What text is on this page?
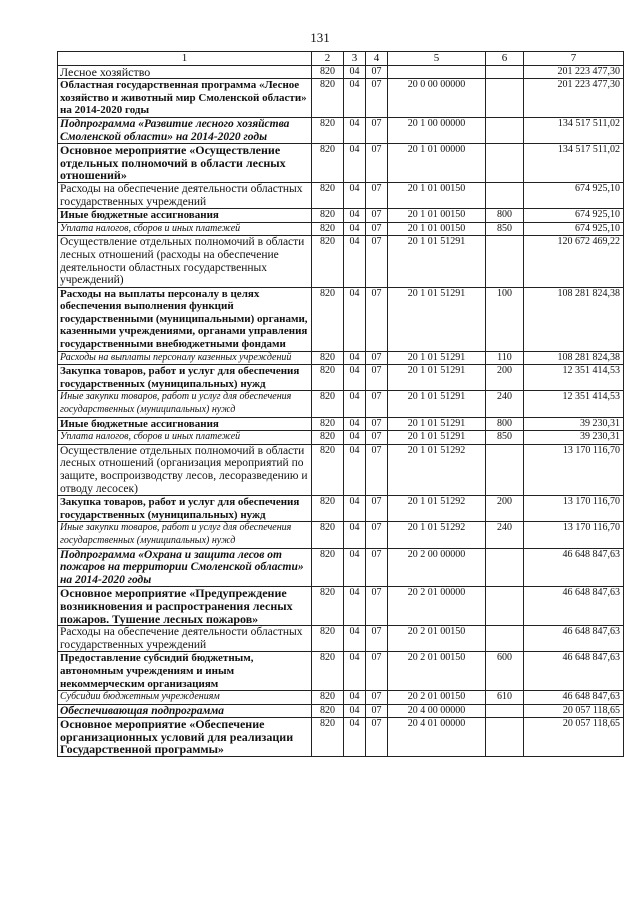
131
1	2	3	4	5	6	7
Лесное хозяйство	820	04	07			201 223 477,30
Областная государственная программа «Лесное хозяйство и животный мир Смоленской области» на 2014-2020 годы	820	04	07	20 0 00 00000		201 223 477,30
Подпрограмма «Развитие лесного хозяйства Смоленской области» на 2014-2020 годы	820	04	07	20 1 00 00000		134 517 511,02
Основное мероприятие «Осуществление отдельных полномочий в области лесных отношений»	820	04	07	20 1 01 00000		134 517 511,02
Расходы на обеспечение деятельности областных государственных учреждений	820	04	07	20 1 01 00150		674 925,10
Иные бюджетные ассигнования	820	04	07	20 1 01 00150	800	674 925,10
Уплата налогов, сборов и иных платежей	820	04	07	20 1 01 00150	850	674 925,10
Осуществление отдельных полномочий в области лесных отношений (расходы на обеспечение деятельности областных государственных учреждений)	820	04	07	20 1 01 51291		120 672 469,22
Расходы на выплаты персоналу в целях обеспечения выполнения функций государственными (муниципальными) органами, казенными учреждениями, органами управления государственными внебюджетными фондами	820	04	07	20 1 01 51291	100	108 281 824,38
Расходы на выплаты персоналу казенных учреждений	820	04	07	20 1 01 51291	110	108 281 824,38
Закупка товаров, работ и услуг для обеспечения государственных (муниципальных) нужд	820	04	07	20 1 01 51291	200	12 351 414,53
Иные закупки товаров, работ и услуг для обеспечения государственных (муниципальных) нужд	820	04	07	20 1 01 51291	240	12 351 414,53
Иные бюджетные ассигнования	820	04	07	20 1 01 51291	800	39 230,31
Уплата налогов, сборов и иных платежей	820	04	07	20 1 01 51291	850	39 230,31
Осуществление отдельных полномочий в области лесных отношений (организация мероприятий по защите, воспроизводству лесов, лесоразведению и отводу лесосек)	820	04	07	20 1 01 51292		13 170 116,70
Закупка товаров, работ и услуг для обеспечения государственных (муниципальных) нужд	820	04	07	20 1 01 51292	200	13 170 116,70
Иные закупки товаров, работ и услуг для обеспечения государственных (муниципальных) нужд	820	04	07	20 1 01 51292	240	13 170 116,70
Подпрограмма «Охрана и защита лесов от пожаров на территории Смоленской области» на 2014-2020 годы	820	04	07	20 2 00 00000		46 648 847,63
Основное мероприятие «Предупреждение возникновения и распространения лесных пожаров. Тушение лесных пожаров»	820	04	07	20 2 01 00000		46 648 847,63
Расходы на обеспечение деятельности областных государственных учреждений	820	04	07	20 2 01 00150		46 648 847,63
Предоставление субсидий бюджетным, автономным учреждениям и иным некоммерческим организациям	820	04	07	20 2 01 00150	600	46 648 847,63
Субсидии бюджетным учреждениям	820	04	07	20 2 01 00150	610	46 648 847,63
Обеспечивающая подпрограмма	820	04	07	20 4 00 00000		20 057 118,65
Основное мероприятие «Обеспечение организационных условий для реализации Государственной программы»	820	04	07	20 4 01 00000		20 057 118,65
